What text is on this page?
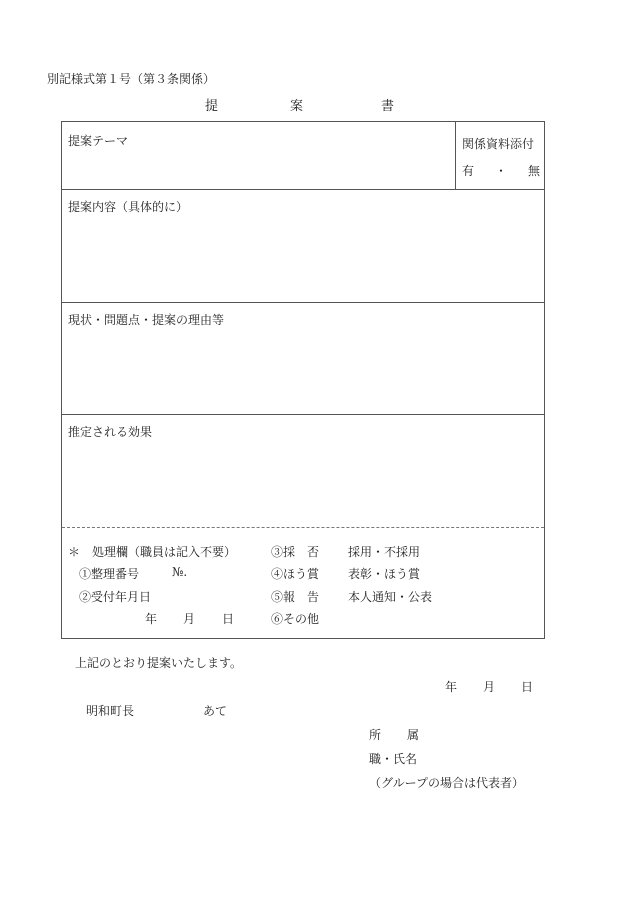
別記様式第１号（第３条関係）
提	案	書
提案テーマ	関係資料添付
有 ・ 無
提案内容（具体的に）
現状・問題点・提案の理由等
推定される効果
＊　処理欄（職員は記入不要）
①整理番号	№.
②受付年月日
年 月 日
③採　否 採用・不採用
④ほう賞 表彰・ほう賞
⑤報　告 本人通知・公表
⑥その他
上記のとおり提案いたします。
年 月 日
明和町長	あて
所 属
職・氏名
（グループの場合は代表者）
